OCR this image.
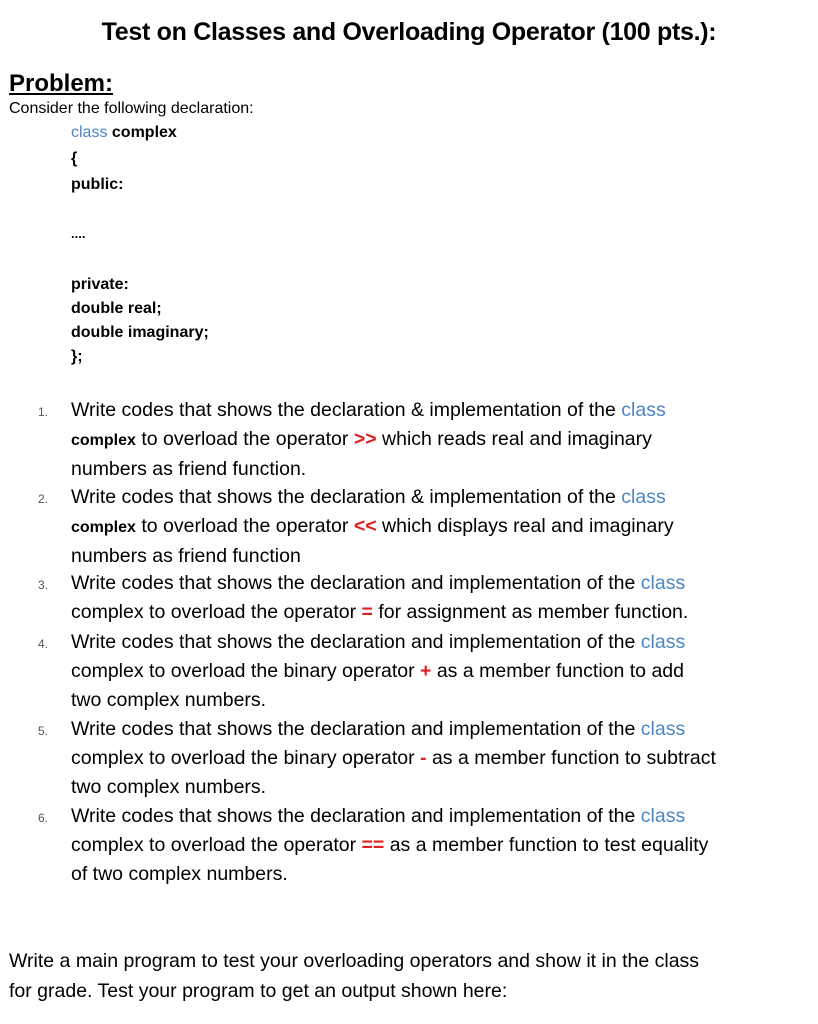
Test on Classes and Overloading Operator (100 pts.):
Problem:

Consider the following declaration:

class complex
{
public:
....
private:
double real;
double imaginary;
};
1. Write codes that shows the declaration & implementation of the class
complex to overload the operator >> which reads real and imaginary
numbers as friend function.
2. Write codes that shows the declaration & implementation of the class
complex to overload the operator << which displays real and imaginary
numbers as friend function
3. Write codes that shows the declaration and implementation of the class
complex to overload the operator = for assignment as member function.
4. Write codes that shows the declaration and implementation of the class
complex to overload the binary operator + as a member function to add
two complex numbers.
5. Write codes that shows the declaration and implementation of the class
complex to overload the binary operator - as a member function to subtract
two complex numbers.
6. Write codes that shows the declaration and implementation of the class
complex to overload the operator == as a member function to test equality
of two complex numbers.
Write a main program to test your overloading operators and show it in the class
for grade. Test your program to get an output shown here:
